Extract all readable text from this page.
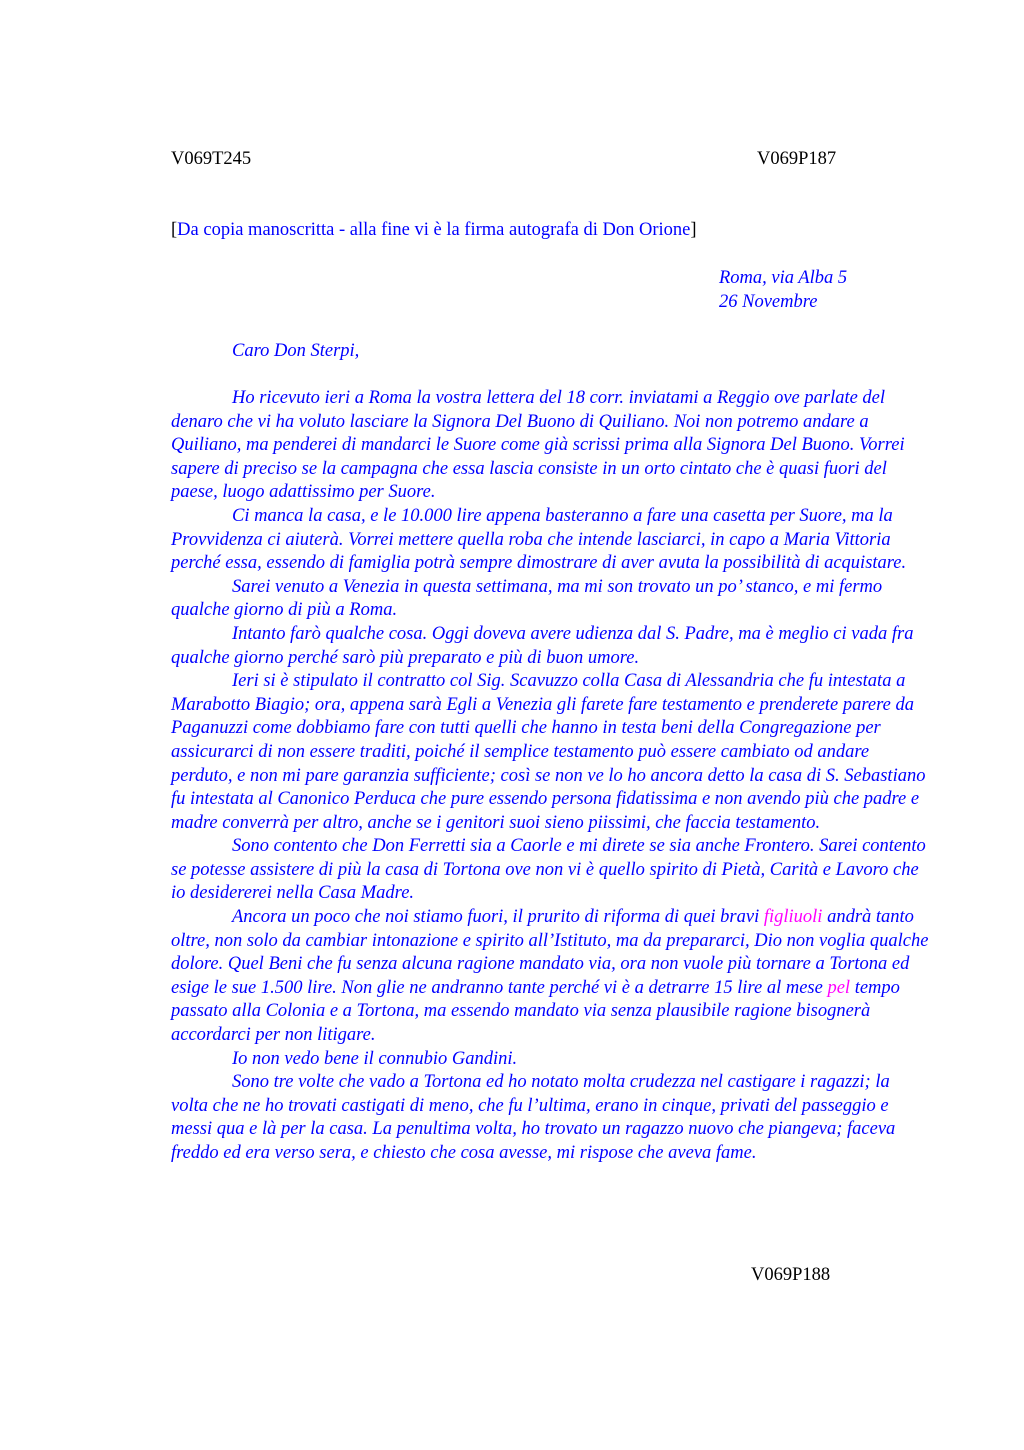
V069T245	V069P187
[Da copia manoscritta - alla fine vi è la firma autografa di Don Orione]
Roma, via Alba 5
26 Novembre
Caro Don Sterpi,

Ho ricevuto ieri a Roma la vostra lettera del 18 corr. inviatami a Reggio ove parlate del denaro che vi ha voluto lasciare la Signora Del Buono di Quiliano. Noi non potremo andare a Quiliano, ma penderei di mandarci le Suore come già scrissi prima alla Signora Del Buono. Vorrei sapere di preciso se la campagna che essa lascia consiste in un orto cintato che è quasi fuori del paese, luogo adattissimo per Suore.

Ci manca la casa, e le 10.000 lire appena basteranno a fare una casetta per Suore, ma la Provvidenza ci aiuterà. Vorrei mettere quella roba che intende lasciarci, in capo a Maria Vittoria perché essa, essendo di famiglia potrà sempre dimostrare di aver avuta la possibilità di acquistare.

Sarei venuto a Venezia in questa settimana, ma mi son trovato un po’ stanco, e mi fermo qualche giorno di più a Roma.

Intanto farò qualche cosa. Oggi doveva avere udienza dal S. Padre, ma è meglio ci vada fra qualche giorno perché sarò più preparato e più di buon umore.

Ieri si è stipulato il contratto col Sig. Scavuzzo colla Casa di Alessandria che fu intestata a Marabotto Biagio; ora, appena sarà Egli a Venezia gli farete fare testamento e prenderete parere da Paganuzzi come dobbiamo fare con tutti quelli che hanno in testa beni della Congregazione per assicurarci di non essere traditi, poiché il semplice testamento può essere cambiato od andare perduto, e non mi pare garanzia sufficiente; così se non ve lo ho ancora detto la casa di S. Sebastiano fu intestata al Canonico Perduca che pure essendo persona fidatissima e non avendo più che padre e madre converrà per altro, anche se i genitori suoi sieno piissimi, che faccia testamento.

Sono contento che Don Ferretti sia a Caorle e mi direte se sia anche Frontero. Sarei contento se potesse assistere di più la casa di Tortona ove non vi è quello spirito di Pietà, Carità e Lavoro che io desidererei nella Casa Madre.

Ancora un poco che noi stiamo fuori, il prurito di riforma di quei bravi figliuoli andrà tanto oltre, non solo da cambiar intonazione e spirito all’Istituto, ma da prepararci, Dio non voglia qualche dolore. Quel Beni che fu senza alcuna ragione mandato via, ora non vuole più tornare a Tortona ed esige le sue 1.500 lire. Non glie ne andranno tante perché vi è a detrarre 15 lire al mese pel tempo passato alla Colonia e a Tortona, ma essendo mandato via senza plausibile ragione bisognerà accordarci per non litigare.

Io non vedo bene il connubio Gandini.

Sono tre volte che vado a Tortona ed ho notato molta crudezza nel castigare i ragazzi; la volta che ne ho trovati castigati di meno, che fu l’ultima, erano in cinque, privati del passeggio e messi qua e là per la casa. La penultima volta, ho trovato un ragazzo nuovo che piangeva; faceva freddo ed era verso sera, e chiesto che cosa avesse, mi rispose che aveva fame.

V069P188
